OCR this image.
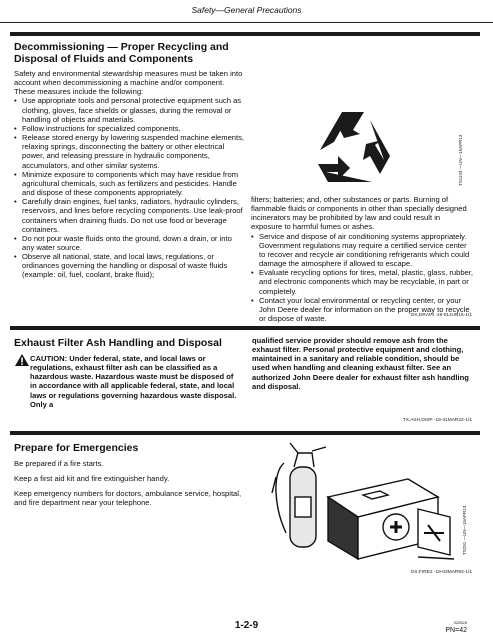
Safety—General Precautions
Decommissioning — Proper Recycling and
Disposal of Fluids and Components

Safety and environmental stewardship measures must be taken into account when decommissioning a machine and/or component. These measures include the following:

• Use appropriate tools and personal protective equipment such as clothing, gloves, face shields or glasses, during the removal or handling of objects and materials.
• Follow instructions for specialized components.
• Release stored energy by lowering suspended machine elements, relaxing springs, disconnecting the battery or other electrical power, and releasing pressure in hydraulic components, accumulators, and other similar systems.
• Minimize exposure to components which may have residue from agricultural chemicals, such as fertilizers and pesticides. Handle and dispose of these components appropriately.
• Carefully drain engines, fuel tanks, radiators, hydraulic cylinders, reservoirs, and lines before recycling components. Use leak-proof containers when draining fluids. Do not use food or beverage containers.
• Do not pour waste fluids onto the ground, down a drain, or into any water source.
• Observe all national, state, and local laws, regulations, or ordinances governing the handling or disposal of waste fluids (example: oil, fuel, coolant, brake fluid);
TS1133 —UN—15APR13

filters; batteries; and, other substances or parts. Burning of flammable fluids or components in other than specially designed incinerators may be prohibited by law and could result in exposure to harmful fumes or ashes.

• Service and dispose of air conditioning systems appropriately. Government regulations may require a certified service center to recover and recycle air conditioning refrigerants which could damage the atmosphere if allowed to escape.
• Evaluate recycling options for tires, metal, plastic, glass, rubber, and electronic components which may be recyclable, in part or completely.
• Contact your local environmental or recycling center, or your John Deere dealer for information on the proper way to recycle or dispose of waste.	DX,DRAIN -19-01JUN15-1/1
Exhaust Filter Ash Handling and Disposal
CAUTION: Under federal, state, and local laws or regulations, exhaust filter ash can be classified as a hazardous waste. Hazardous waste must be disposed of in accordance with all applicable federal, state, and local laws or regulations governing hazardous waste disposal. Only a
qualified service provider should remove ash from the exhaust filter. Personal protective equipment and clothing, maintained in a sanitary and reliable condition, should be used when handling and cleaning exhaust filter. See an authorized John Deere dealer for exhaust filter ash handling and disposal.
TX,ASH,DISP -19-31MAR22-1/1
Prepare for Emergencies

Be prepared if a fire starts.

Keep a first aid kit and fire extinguisher handy.

Keep emergency numbers for doctors, ambulance service, hospital, and fire department near your telephone.

TS291 —UN—15APR13
DX,FIRE2 -19-03MAR93-1/1
1-2-9	022625
PN=42
